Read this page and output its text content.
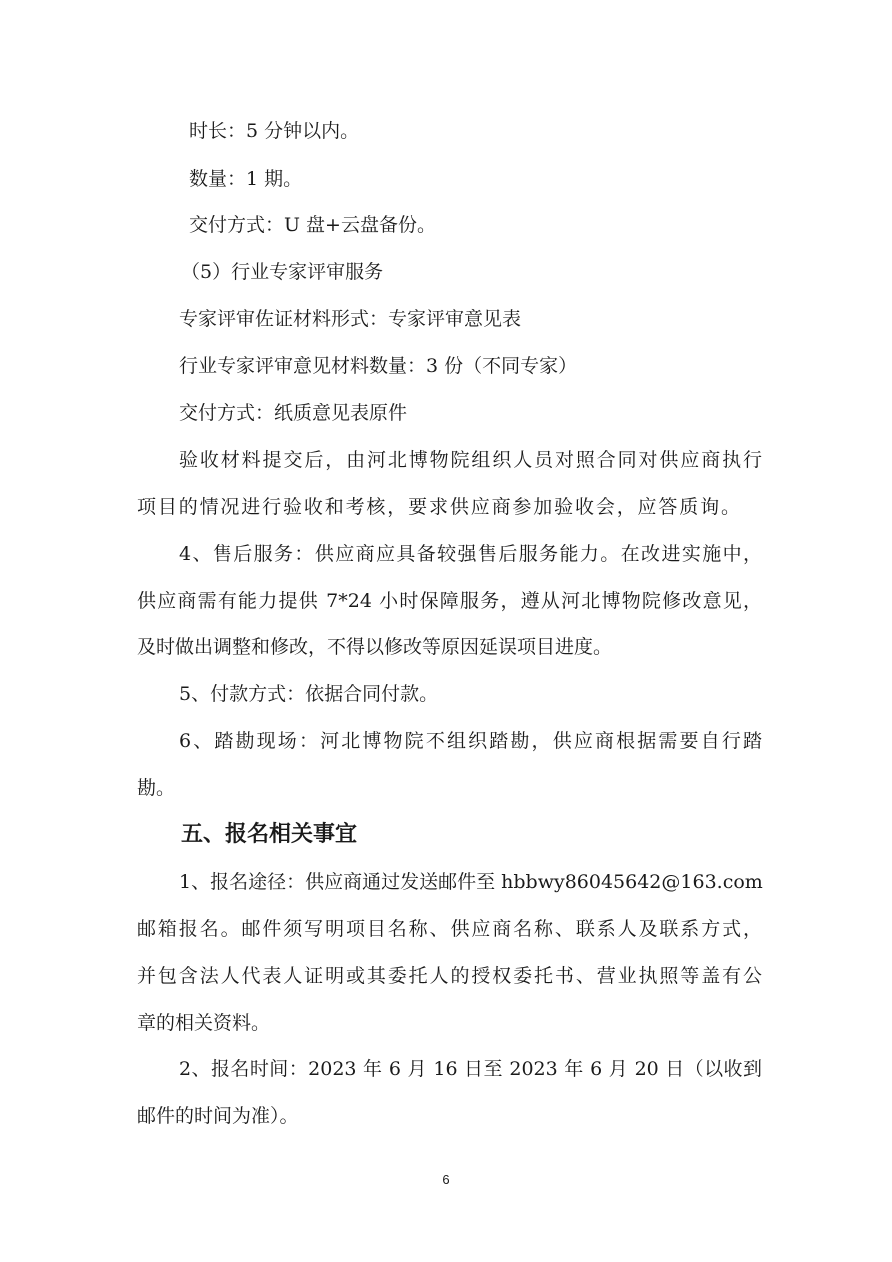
时长：5 分钟以内。
数量：1 期。
交付方式：U 盘+云盘备份。
（5）行业专家评审服务
专家评审佐证材料形式：专家评审意见表
行业专家评审意见材料数量：3 份（不同专家）
交付方式：纸质意见表原件
验收材料提交后，由河北博物院组织人员对照合同对供应商执行
项目的情况进行验收和考核，要求供应商参加验收会，应答质询。
4、售后服务：供应商应具备较强售后服务能力。在改进实施中，
供应商需有能力提供 7*24 小时保障服务，遵从河北博物院修改意见，
及时做出调整和修改，不得以修改等原因延误项目进度。
5、付款方式：依据合同付款。
6、踏勘现场：河北博物院不组织踏勘，供应商根据需要自行踏
勘。
五、报名相关事宜
1、报名途径：供应商通过发送邮件至 hbbwy86045642@163.com
邮箱报名。邮件须写明项目名称、供应商名称、联系人及联系方式，
并包含法人代表人证明或其委托人的授权委托书、营业执照等盖有公
章的相关资料。
2、报名时间：2023 年 6 月 16 日至 2023 年 6 月 20 日（以收到
邮件的时间为准）。
6
